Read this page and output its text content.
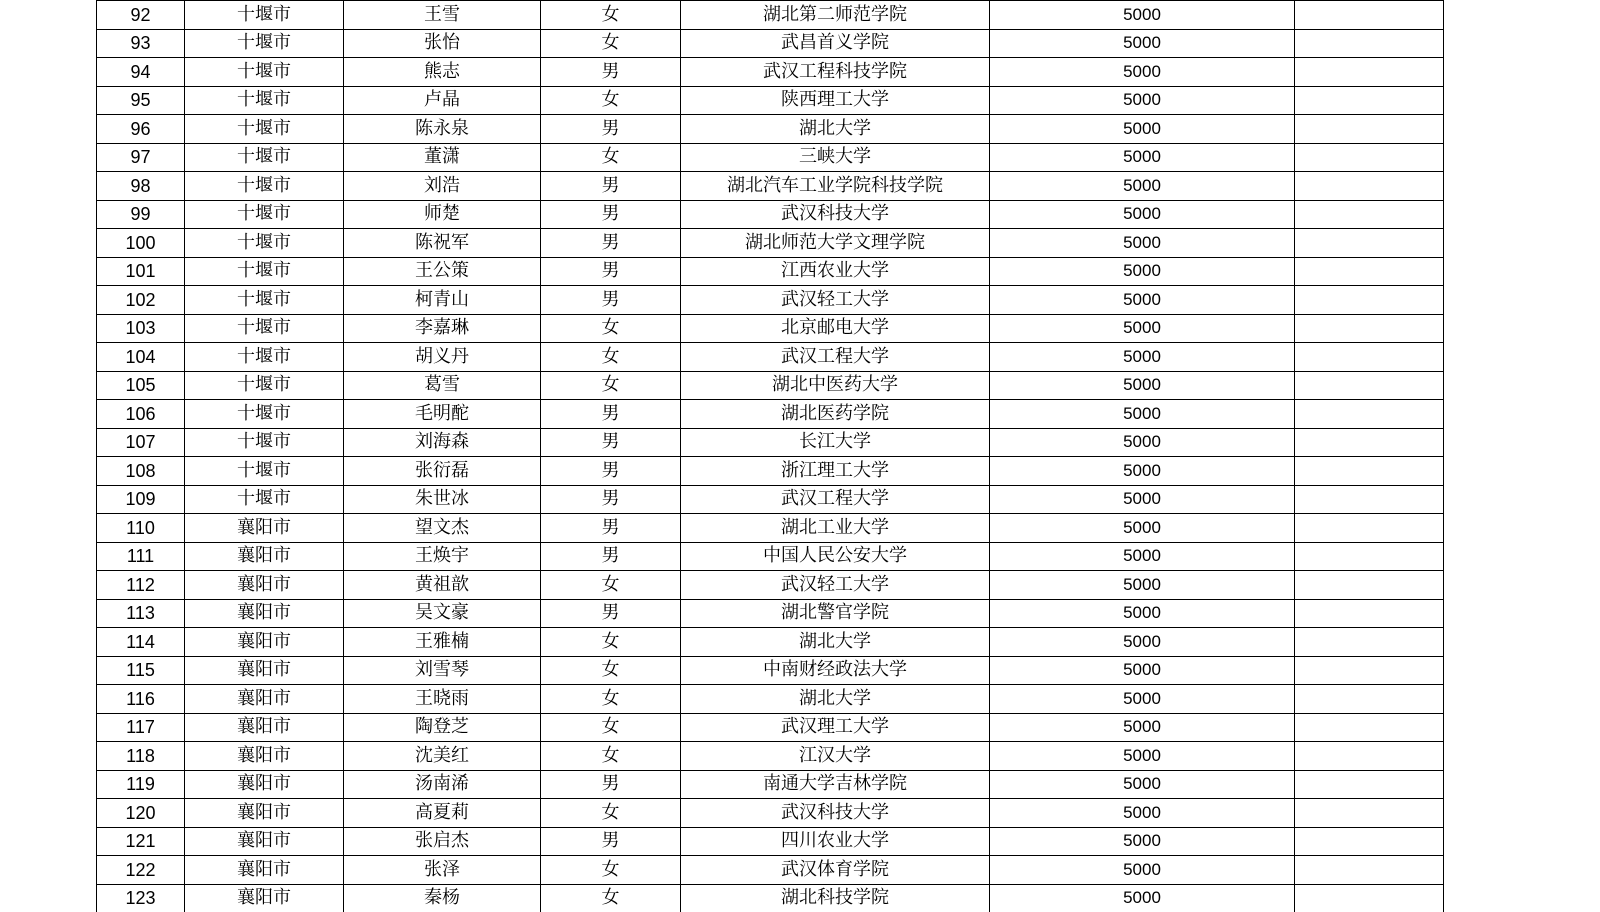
92	十堰市	王雪	女	湖北第二师范学院	5000	
93	十堰市	张怡	女	武昌首义学院	5000	
94	十堰市	熊志	男	武汉工程科技学院	5000	
95	十堰市	卢晶	女	陕西理工大学	5000	
96	十堰市	陈永泉	男	湖北大学	5000	
97	十堰市	董潇	女	三峡大学	5000	
98	十堰市	刘浩	男	湖北汽车工业学院科技学院	5000	
99	十堰市	师楚	男	武汉科技大学	5000	
100	十堰市	陈祝军	男	湖北师范大学文理学院	5000	
101	十堰市	王公策	男	江西农业大学	5000	
102	十堰市	柯青山	男	武汉轻工大学	5000	
103	十堰市	李嘉琳	女	北京邮电大学	5000	
104	十堰市	胡义丹	女	武汉工程大学	5000	
105	十堰市	葛雪	女	湖北中医药大学	5000	
106	十堰市	毛明酡	男	湖北医药学院	5000	
107	十堰市	刘海森	男	长江大学	5000	
108	十堰市	张衍磊	男	浙江理工大学	5000	
109	十堰市	朱世冰	男	武汉工程大学	5000	
110	襄阳市	望文杰	男	湖北工业大学	5000	
111	襄阳市	王焕宇	男	中国人民公安大学	5000	
112	襄阳市	黄祖歆	女	武汉轻工大学	5000	
113	襄阳市	吴文豪	男	湖北警官学院	5000	
114	襄阳市	王雅楠	女	湖北大学	5000	
115	襄阳市	刘雪琴	女	中南财经政法大学	5000	
116	襄阳市	王晓雨	女	湖北大学	5000	
117	襄阳市	陶登芝	女	武汉理工大学	5000	
118	襄阳市	沈美红	女	江汉大学	5000	
119	襄阳市	汤南浠	男	南通大学吉林学院	5000	
120	襄阳市	高夏莉	女	武汉科技大学	5000	
121	襄阳市	张启杰	男	四川农业大学	5000	
122	襄阳市	张泽	女	武汉体育学院	5000	
123	襄阳市	秦杨	女	湖北科技学院	5000	
